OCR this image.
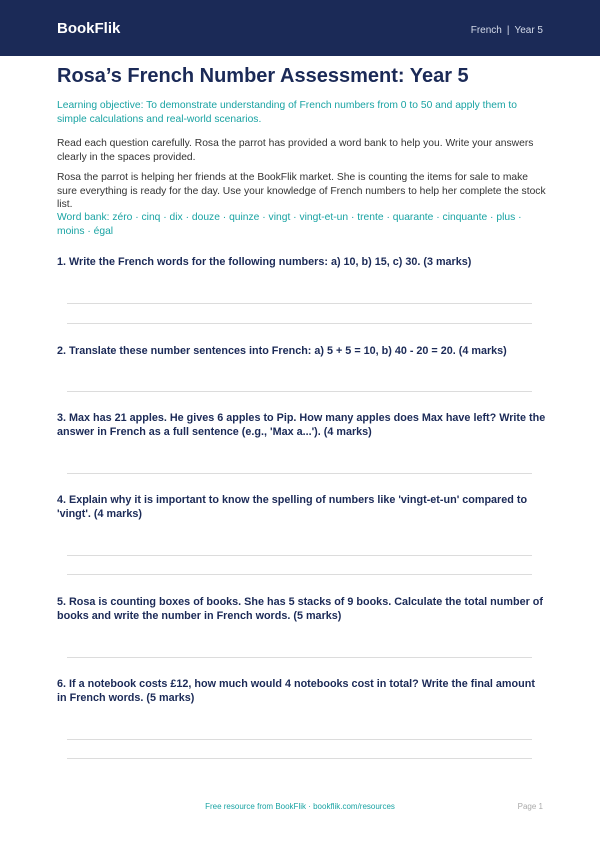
BookFlik	French | Year 5
Rosa’s French Number Assessment: Year 5

Learning objective: To demonstrate understanding of French numbers from 0 to 50 and apply them to simple calculations and real-world scenarios.

Read each question carefully. Rosa the parrot has provided a word bank to help you. Write your answers clearly in the spaces provided.

Rosa the parrot is helping her friends at the BookFlik market. She is counting the items for sale to make sure everything is ready for the day. Use your knowledge of French numbers to help her complete the stock list.

Word bank: zéro · cinq · dix · douze · quinze · vingt · vingt-et-un · trente · quarante · cinquante · plus · moins · égal

1. Write the French words for the following numbers: a) 10, b) 15, c) 30. (3 marks)

2. Translate these number sentences into French: a) 5 + 5 = 10, b) 40 - 20 = 20. (4 marks)

3. Max has 21 apples. He gives 6 apples to Pip. How many apples does Max have left? Write the answer in French as a full sentence (e.g., 'Max a...'). (4 marks)

4. Explain why it is important to know the spelling of numbers like 'vingt-et-un' compared to 'vingt'. (4 marks)

5. Rosa is counting boxes of books. She has 5 stacks of 9 books. Calculate the total number of books and write the number in French words. (5 marks)

6. If a notebook costs £12, how much would 4 notebooks cost in total? Write the final amount in French words. (5 marks)

Free resource from BookFlik · bookflik.com/resources	Page 1
